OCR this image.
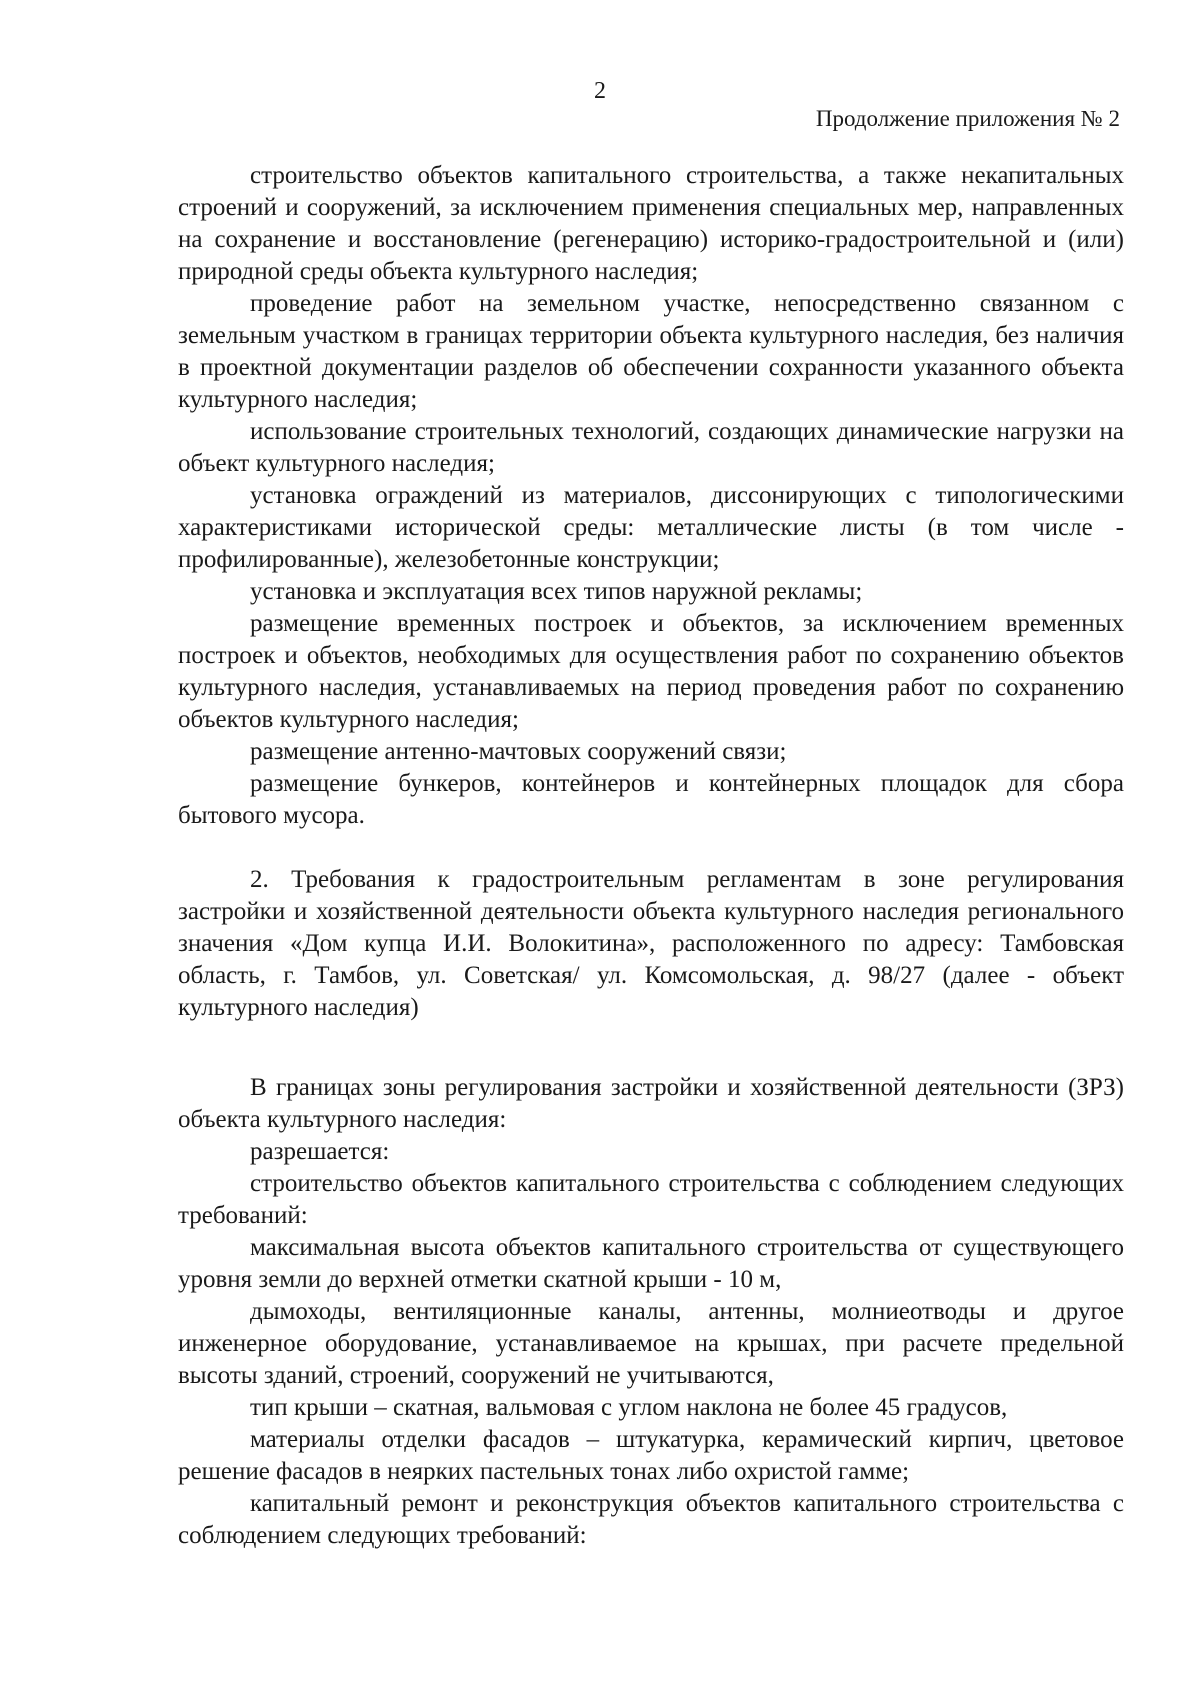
2
Продолжение приложения № 2

строительство объектов капитального строительства, а также некапитальных строений и сооружений, за исключением применения специальных мер, направленных на сохранение и восстановление (регенерацию) историко-градостроительной и (или) природной среды объекта культурного наследия;

проведение работ на земельном участке, непосредственно связанном с земельным участком в границах территории объекта культурного наследия, без наличия в проектной документации разделов об обеспечении сохранности указанного объекта культурного наследия;

использование строительных технологий, создающих динамические нагрузки на объект культурного наследия;

установка ограждений из материалов, диссонирующих с типологическими характеристиками исторической среды: металлические листы (в том числе - профилированные), железобетонные конструкции;

установка и эксплуатация всех типов наружной рекламы;

размещение временных построек и объектов, за исключением временных построек и объектов, необходимых для осуществления работ по сохранению объектов культурного наследия, устанавливаемых на период проведения работ по сохранению объектов культурного наследия;

размещение антенно-мачтовых сооружений связи;

размещение бункеров, контейнеров и контейнерных площадок для сбора бытового мусора.

2. Требования к градостроительным регламентам в зоне регулирования застройки и хозяйственной деятельности объекта культурного наследия регионального значения «Дом купца И.И. Волокитина», расположенного по адресу: Тамбовская область, г. Тамбов, ул. Советская/ ул. Комсомольская, д. 98/27 (далее - объект культурного наследия)

В границах зоны регулирования застройки и хозяйственной деятельности (ЗРЗ) объекта культурного наследия:

разрешается:

строительство объектов капитального строительства с соблюдением следующих требований:

максимальная высота объектов капитального строительства от существующего уровня земли до верхней отметки скатной крыши - 10 м,

дымоходы, вентиляционные каналы, антенны, молниеотводы и другое инженерное оборудование, устанавливаемое на крышах, при расчете предельной высоты зданий, строений, сооружений не учитываются,

тип крыши – скатная, вальмовая с углом наклона не более 45 градусов,

материалы отделки фасадов – штукатурка, керамический кирпич, цветовое решение фасадов в неярких пастельных тонах либо охристой гамме;

капитальный ремонт и реконструкция объектов капитального строительства с соблюдением следующих требований:
